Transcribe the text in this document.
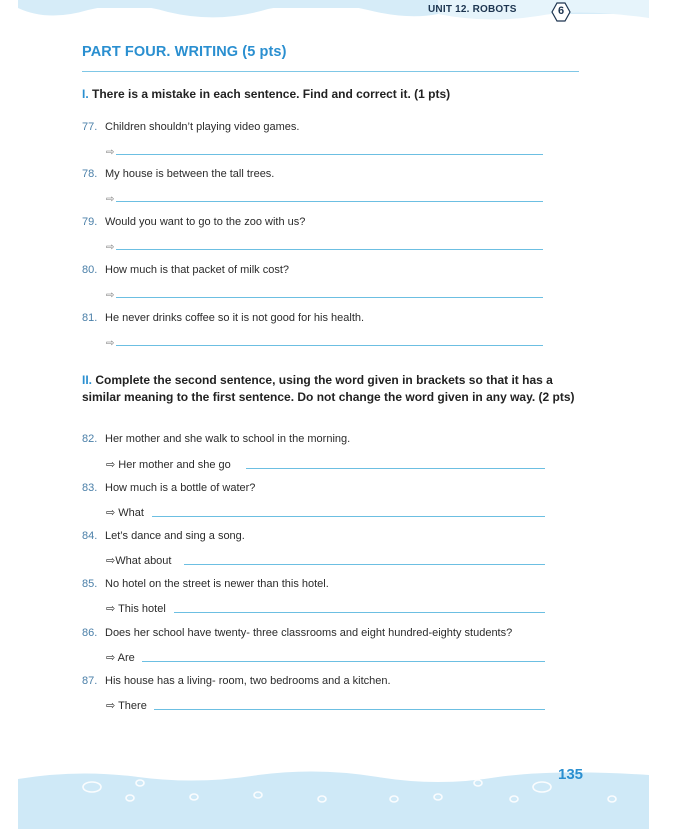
UNIT 12. ROBOTS	6
PART FOUR. WRITING (5 pts)
I. There is a mistake in each sentence. Find and correct it. (1 pts)
77. Children shouldn’t playing video games.
⇨
78. My house is between the tall trees.
⇨
79. Would you want to go to the zoo with us?
⇨
80. How much is that packet of milk cost?
⇨
81. He never drinks coffee so it is not good for his health.
⇨
II. Complete the second sentence, using the word given in brackets so that it has a similar meaning to the first sentence. Do not change the word given in any way. (2 pts)
82. Her mother and she walk to school in the morning.
⇨ Her mother and she go
83. How much is a bottle of water?
⇨ What
84. Let’s dance and sing a song.
⇨What about
85. No hotel on the street is newer than this hotel.
⇨ This hotel
86. Does her school have twenty- three classrooms and eight hundred-eighty students?
⇨ Are
87. His house has a living- room, two bedrooms and a kitchen.
⇨ There
135
